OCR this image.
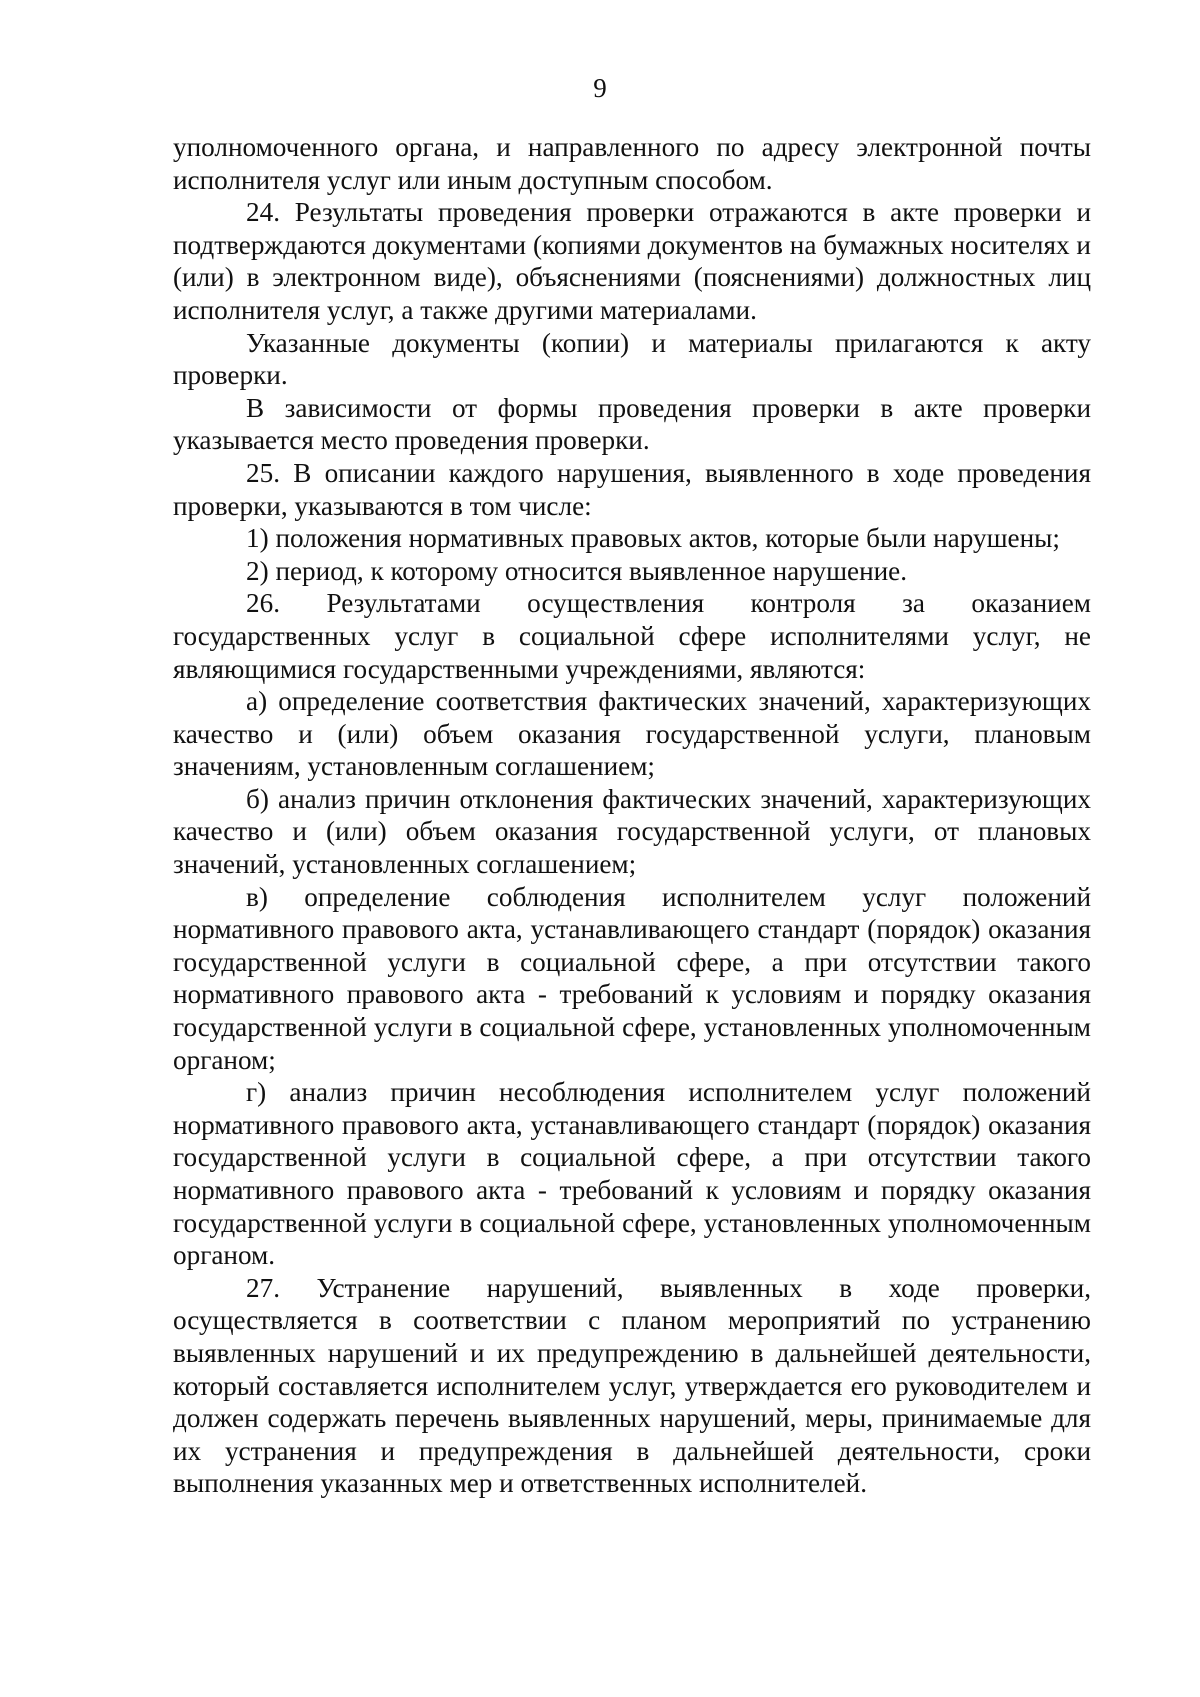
9

уполномоченного органа, и направленного по адресу электронной почты исполнителя услуг или иным доступным способом.

24. Результаты проведения проверки отражаются в акте проверки и подтверждаются документами (копиями документов на бумажных носителях и (или) в электронном виде), объяснениями (пояснениями) должностных лиц исполнителя услуг, а также другими материалами.

Указанные документы (копии) и материалы прилагаются к акту проверки.

В зависимости от формы проведения проверки в акте проверки указывается место проведения проверки.

25. В описании каждого нарушения, выявленного в ходе проведения проверки, указываются в том числе:

1) положения нормативных правовых актов, которые были нарушены;

2) период, к которому относится выявленное нарушение.

26. Результатами осуществления контроля за оказанием государственных услуг в социальной сфере исполнителями услуг, не являющимися государственными учреждениями, являются:

а) определение соответствия фактических значений, характеризующих качество и (или) объем оказания государственной услуги, плановым значениям, установленным соглашением;

б) анализ причин отклонения фактических значений, характеризующих качество и (или) объем оказания государственной услуги, от плановых значений, установленных соглашением;

в) определение соблюдения исполнителем услуг положений нормативного правового акта, устанавливающего стандарт (порядок) оказания государственной услуги в социальной сфере, а при отсутствии такого нормативного правового акта - требований к условиям и порядку оказания государственной услуги в социальной сфере, установленных уполномоченным органом;

г) анализ причин несоблюдения исполнителем услуг положений нормативного правового акта, устанавливающего стандарт (порядок) оказания государственной услуги в социальной сфере, а при отсутствии такого нормативного правового акта - требований к условиям и порядку оказания государственной услуги в социальной сфере, установленных уполномоченным органом.

27. Устранение нарушений, выявленных в ходе проверки, осуществляется в соответствии с планом мероприятий по устранению выявленных нарушений и их предупреждению в дальнейшей деятельности, который составляется исполнителем услуг, утверждается его руководителем и должен содержать перечень выявленных нарушений, меры, принимаемые для их устранения и предупреждения в дальнейшей деятельности, сроки выполнения указанных мер и ответственных исполнителей.
